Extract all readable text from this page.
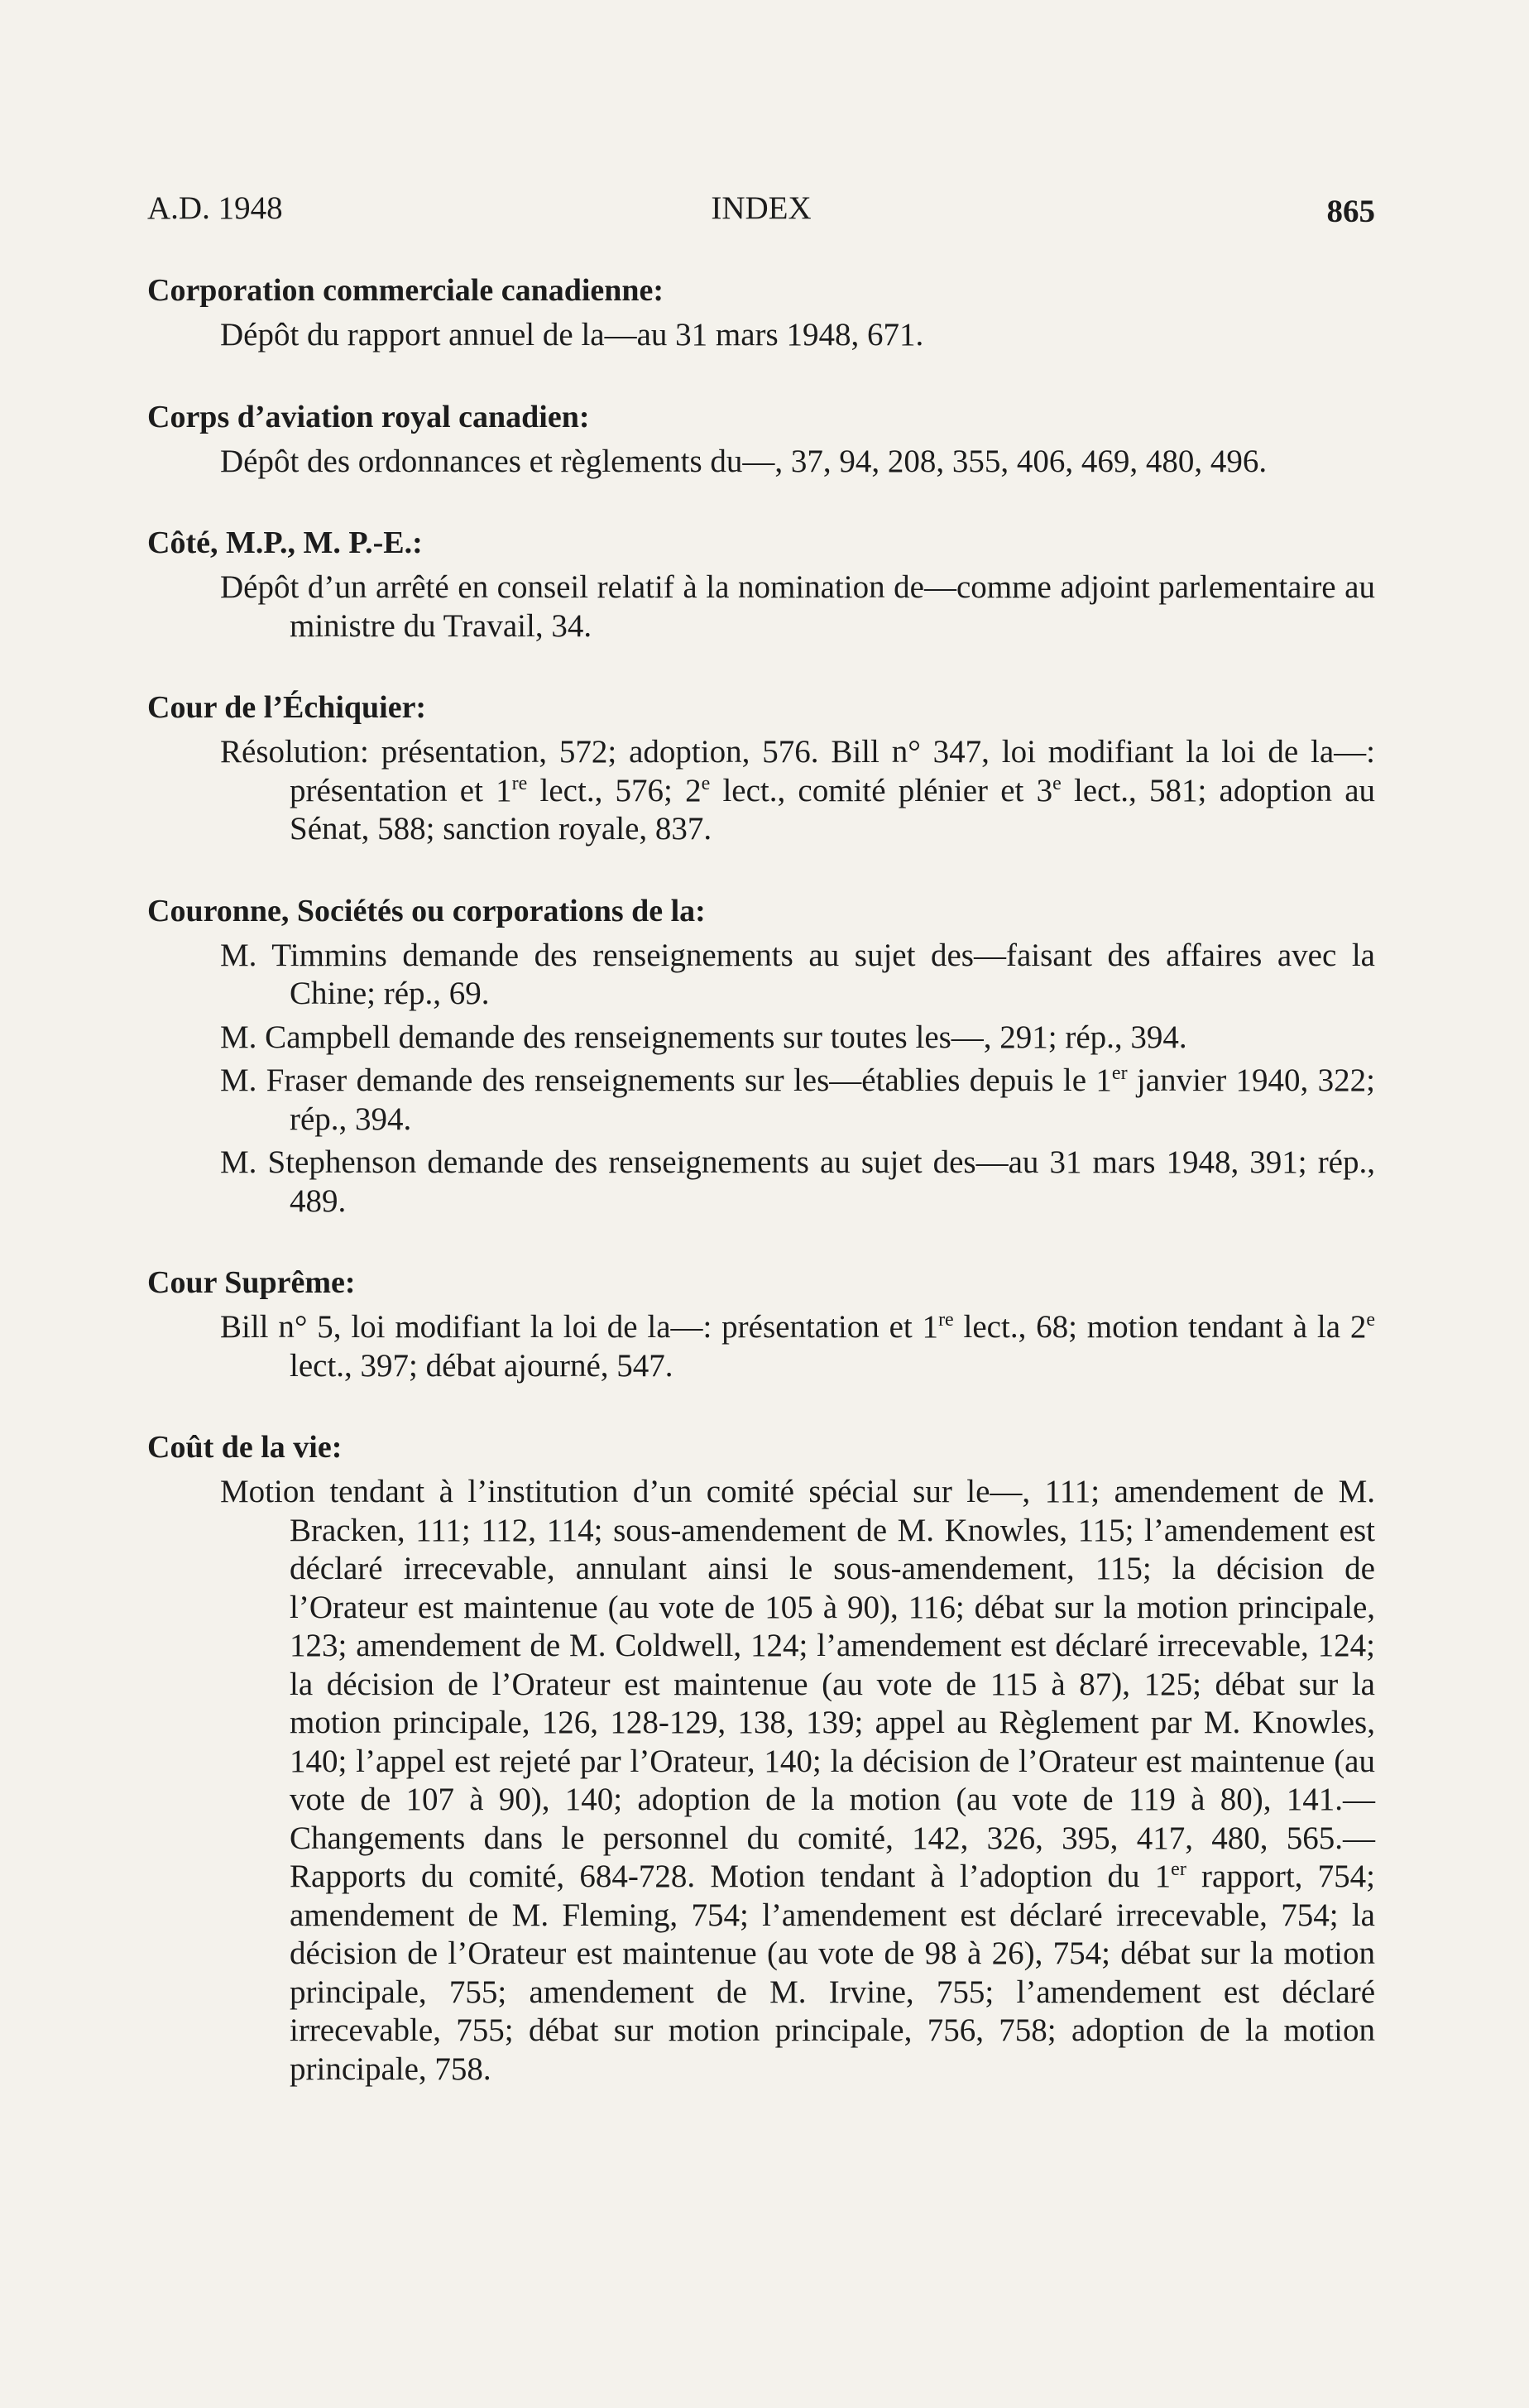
A.D. 1948	INDEX	865
Corporation commerciale canadienne:
Dépôt du rapport annuel de la—au 31 mars 1948, 671.
Corps d’aviation royal canadien:
Dépôt des ordonnances et règlements du—, 37, 94, 208, 355, 406, 469, 480, 496.
Côté, M.P., M. P.-E.:
Dépôt d’un arrêté en conseil relatif à la nomination de—comme adjoint parlementaire au ministre du Travail, 34.
Cour de l’Échiquier:
Résolution: présentation, 572; adoption, 576. Bill n° 347, loi modifiant la loi de la—: présentation et 1re lect., 576; 2e lect., comité plénier et 3e lect., 581; adoption au Sénat, 588; sanction royale, 837.
Couronne, Sociétés ou corporations de la:
M. Timmins demande des renseignements au sujet des—faisant des affaires avec la Chine; rép., 69.
M. Campbell demande des renseignements sur toutes les—, 291; rép., 394.
M. Fraser demande des renseignements sur les—établies depuis le 1er janvier 1940, 322; rép., 394.
M. Stephenson demande des renseignements au sujet des—au 31 mars 1948, 391; rép., 489.
Cour Suprême:
Bill n° 5, loi modifiant la loi de la—: présentation et 1re lect., 68; motion tendant à la 2e lect., 397; débat ajourné, 547.
Coût de la vie:
Motion tendant à l’institution d’un comité spécial sur le—, 111; amendement de M. Bracken, 111; 112, 114; sous-amendement de M. Knowles, 115; l’amendement est déclaré irrecevable, annulant ainsi le sous-amendement, 115; la décision de l’Orateur est maintenue (au vote de 105 à 90), 116; débat sur la motion principale, 123; amendement de M. Coldwell, 124; l’amendement est déclaré irrecevable, 124; la décision de l’Orateur est maintenue (au vote de 115 à 87), 125; débat sur la motion principale, 126, 128-129, 138, 139; appel au Règlement par M. Knowles, 140; l’appel est rejeté par l’Orateur, 140; la décision de l’Orateur est maintenue (au vote de 107 à 90), 140; adoption de la motion (au vote de 119 à 80), 141.—Changements dans le personnel du comité, 142, 326, 395, 417, 480, 565.—Rapports du comité, 684-728. Motion tendant à l’adoption du 1er rapport, 754; amendement de M. Fleming, 754; l’amendement est déclaré irrecevable, 754; la décision de l’Orateur est maintenue (au vote de 98 à 26), 754; débat sur la motion principale, 755; amendement de M. Irvine, 755; l’amendement est déclaré irrecevable, 755; débat sur motion principale, 756, 758; adoption de la motion principale, 758.
